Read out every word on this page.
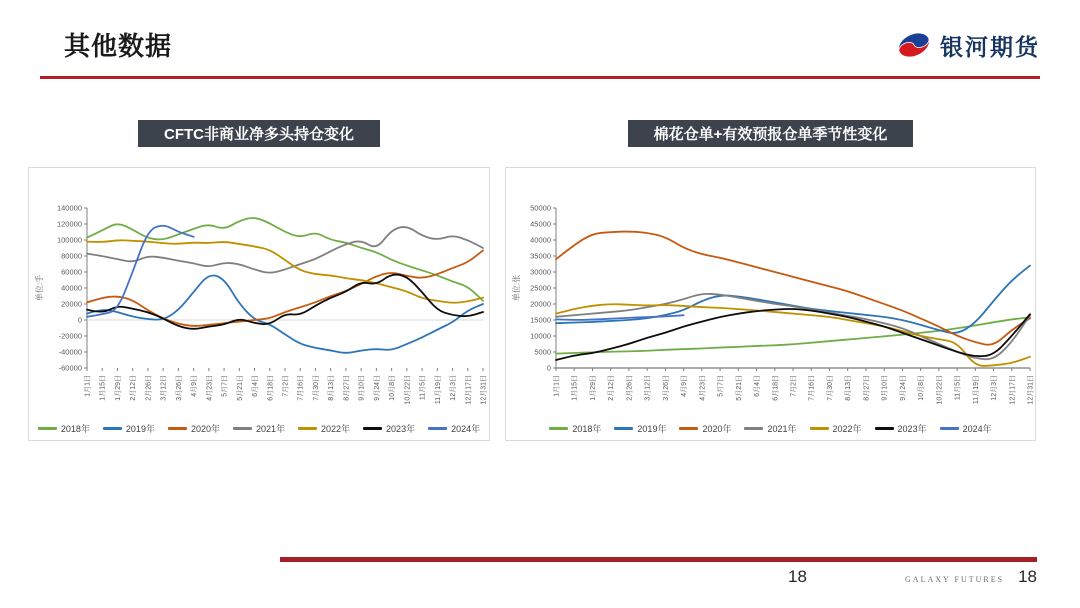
其他数据	银河期货
CFTC非商业净多头持仓变化
-60000
-40000
-20000
0
20000
40000
60000
80000
100000
120000
140000
1月1日 1月15日 1月29日 2月12日 2月26日 3月12日 3月26日 4月9日 4月23日 5月7日 5月21日 6月4日 6月18日 7月2日 7月16日 7月30日 8月13日 8月27日 9月10日 9月24日 10月8日 10月22日 11月5日 11月19日 12月3日 12月17日 12月31日
单位:手
2018年	2019年	2020年	2021年	2022年	2023年	2024年
棉花仓单+有效预报仓单季节性变化
0
5000
10000
15000
20000
25000
30000
35000
40000
45000
50000
1月1日 1月15日 1月29日 2月12日 2月26日 3月12日 3月26日 4月9日 4月23日 5月7日 5月21日 6月4日 6月18日 7月2日 7月16日 7月30日 8月13日 8月27日 9月10日 9月24日 10月8日 10月22日 11月5日 11月19日 12月3日 12月17日 12月31日
单位:张
2018年	2019年	2020年	2021年	2022年	2023年	2024年
18	GALAXY FUTURES 18
